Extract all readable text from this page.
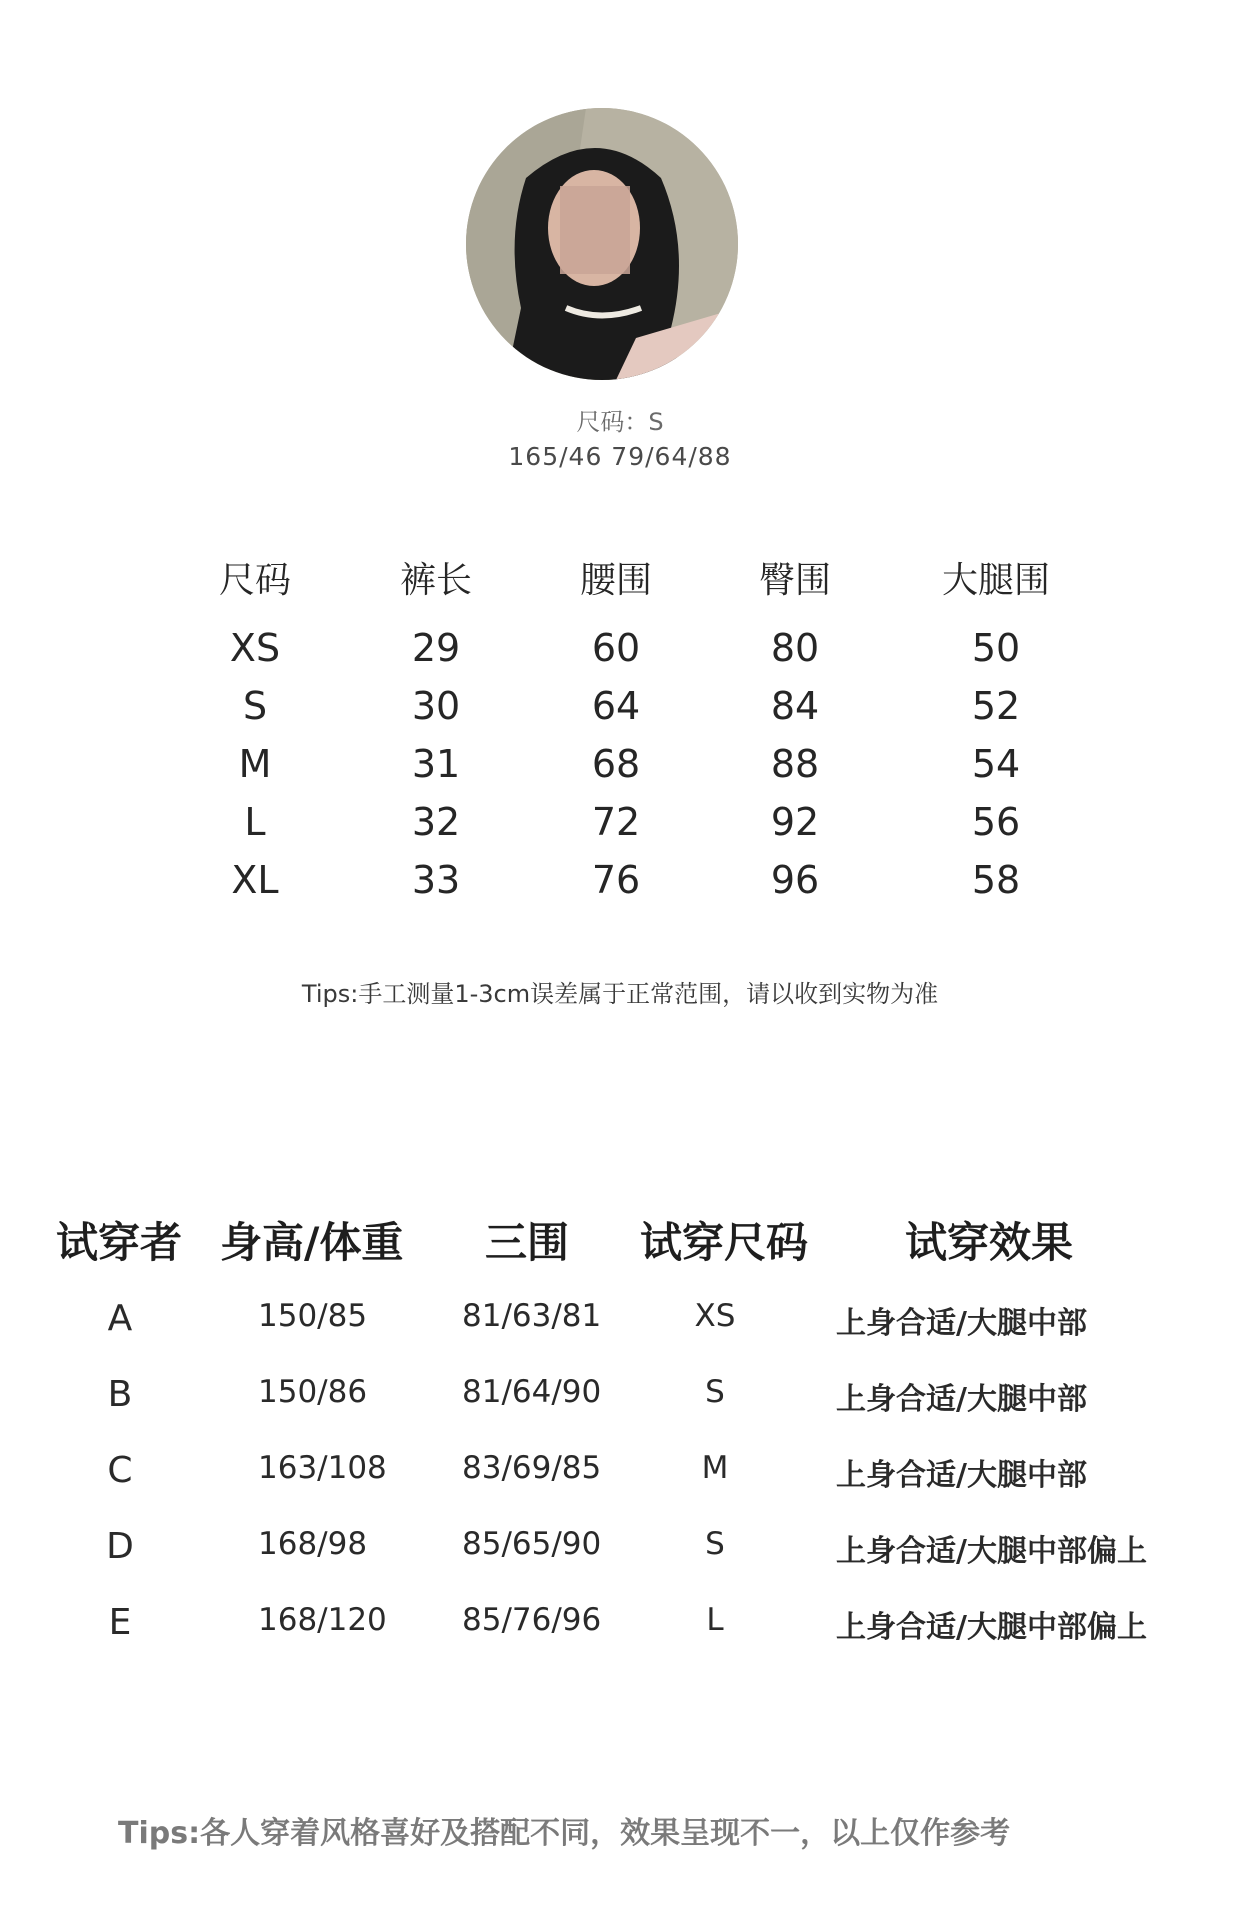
尺码：S
165/46 79/64/88
尺码	裤长	腰围	臀围	大腿围
XS	29	60	80	50
S	30	64	84	52
M	31	68	88	54
L	32	72	92	56
XL	33	76	96	58
Tips:手工测量1-3cm误差属于正常范围，请以收到实物为准
试穿者 身高/体重 三围 试穿尺码 试穿效果
A	150/85	81/63/81	XS	上身合适/大腿中部
B	150/86	81/64/90	S	上身合适/大腿中部
C	163/108 83/69/85	M	上身合适/大腿中部
D	168/98	85/65/90	S	上身合适/大腿中部偏上
E	168/120 85/76/96	L	上身合适/大腿中部偏上
Tips:各人穿着风格喜好及搭配不同，效果呈现不一，以上仅作参考
